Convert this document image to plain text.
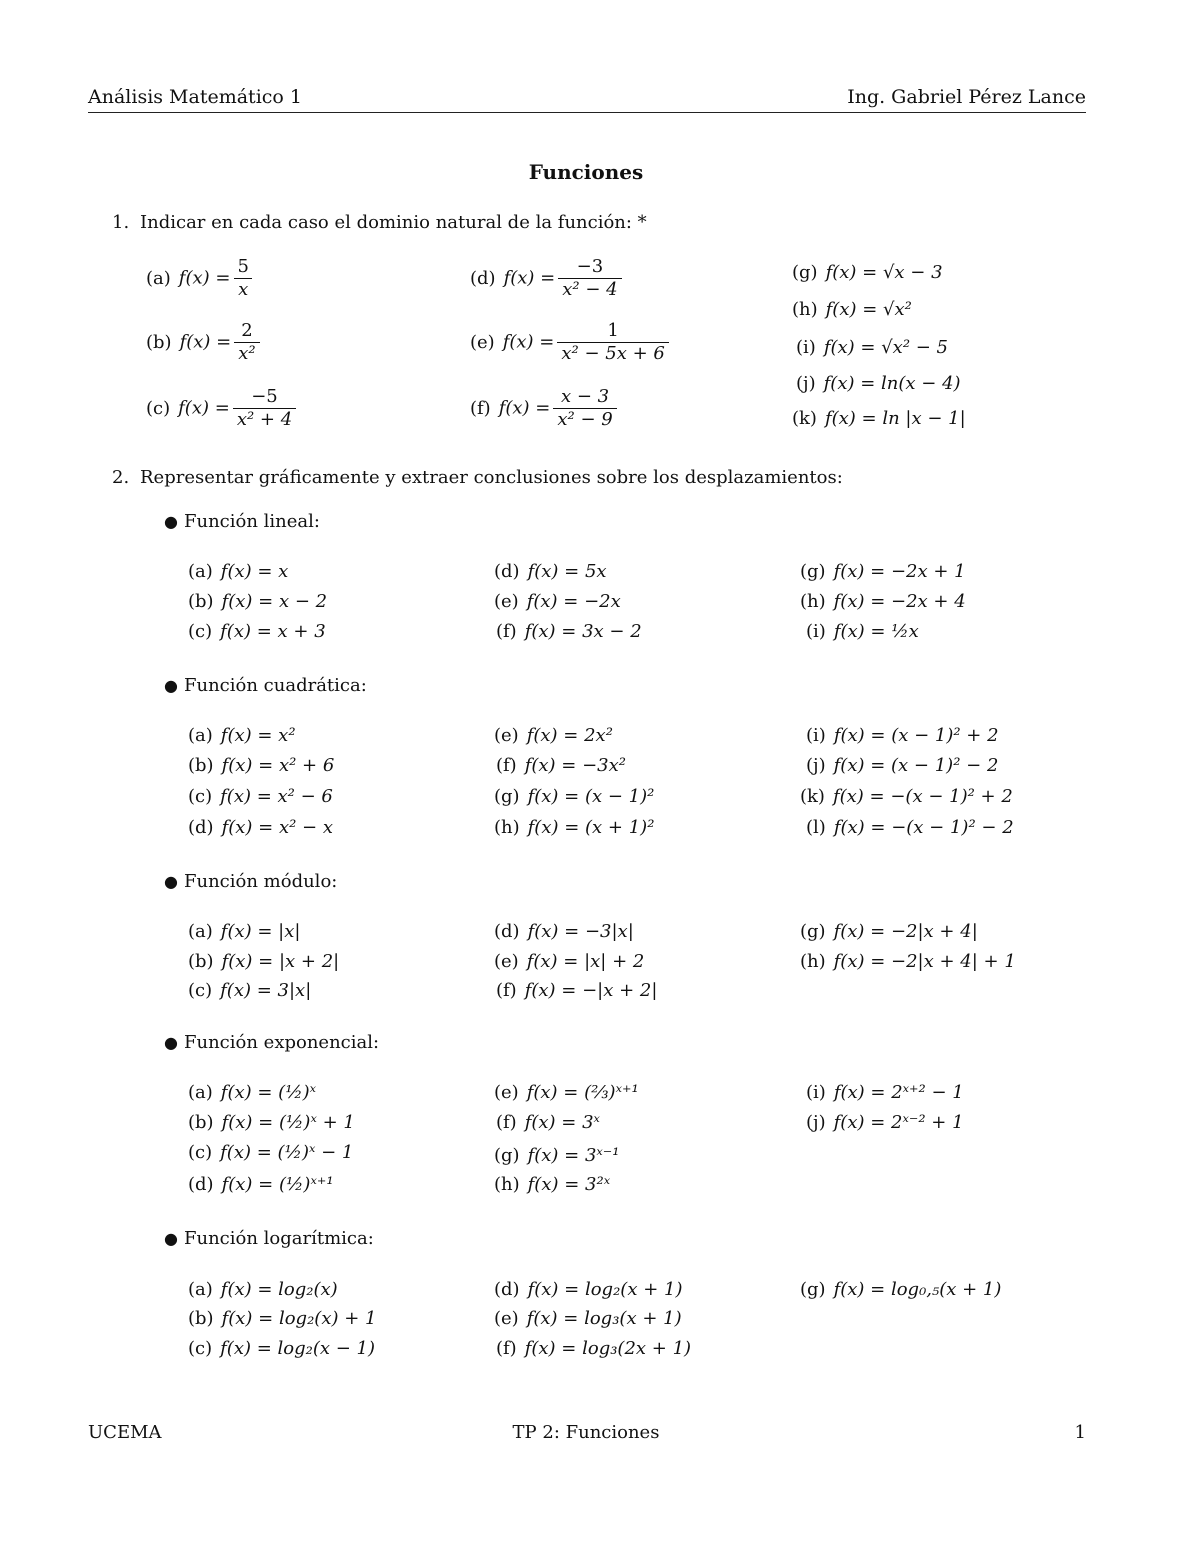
Análisis Matemático 1	Ing. Gabriel Pérez Lance
Funciones
1. Indicar en cada caso el dominio natural de la función: *
(a) $f(x) = \frac{5}{x}$
(b) $f(x) = \frac{2}{\text{x²}}$
(c) $f(x) = \frac{-5}{\text{x² + 4}}$
(d) $f(x) = \frac{-3}{\text{x² − 4}}$
(e) $f(x) = \frac{1}{\text{x² − 5x + 6}}$
(f) $f(x) = \frac{x - 3}{\text{x² − 9}}$
(g) f(x) = √x − 3
(h) f(x) = √x²
(i) f(x) = √x² − 5
(j) f(x) = ln(x − 4)
(k) f(x) = ln |x − 1|
2. Representar gráficamente y extraer conclusiones sobre los desplazamientos:
● Función lineal:
(a) f(x) = x
(b) f(x) = x − 2
(c) f(x) = x + 3
(d) f(x) = 5x
(e) f(x) = −2x
(f) f(x) = 3x − 2
(g) f(x) = −2x + 1
(h) f(x) = −2x + 4
(i) f(x) = ½x
● Función cuadrática:
(a) f(x) = x²
(b) f(x) = x² + 6
(c) f(x) = x² − 6
(d) f(x) = x² − x
(e) f(x) = 2x²
(f) f(x) = −3x²
(g) f(x) = (x − 1)²
(h) f(x) = (x + 1)²
(i) f(x) = (x − 1)² + 2
(j) f(x) = (x − 1)² − 2
(k) f(x) = −(x − 1)² + 2
(l) f(x) = −(x − 1)² − 2
● Función módulo:
(a) f(x) = |x|
(b) f(x) = |x + 2|
(c) f(x) = 3|x|
(d) f(x) = −3|x|
(e) f(x) = |x| + 2
(f) f(x) = −|x + 2|
(g) f(x) = −2|x + 4|
(h) f(x) = −2|x + 4| + 1
● Función exponencial:
(a) f(x) = (½)ˣ
(b) f(x) = (½)ˣ + 1
(c) f(x) = (½)ˣ − 1
(d) f(x) = (½)ˣ⁺¹
(e) f(x) = (⅔)ˣ⁺¹
(f) f(x) = 3ˣ
(g) f(x) = 3ˣ⁻¹
(h) f(x) = 3²ˣ
(i) f(x) = 2ˣ⁺² − 1
(j) f(x) = 2ˣ⁻² + 1
● Función logarítmica:
(a) f(x) = log₂(x)
(b) f(x) = log₂(x) + 1
(c) f(x) = log₂(x − 1)
(d) f(x) = log₂(x + 1)
(e) f(x) = log₃(x + 1)
(f) f(x) = log₃(2x + 1)
(g) f(x) = log₀,₅(x + 1)
UCEMA	TP 2: Funciones	1
